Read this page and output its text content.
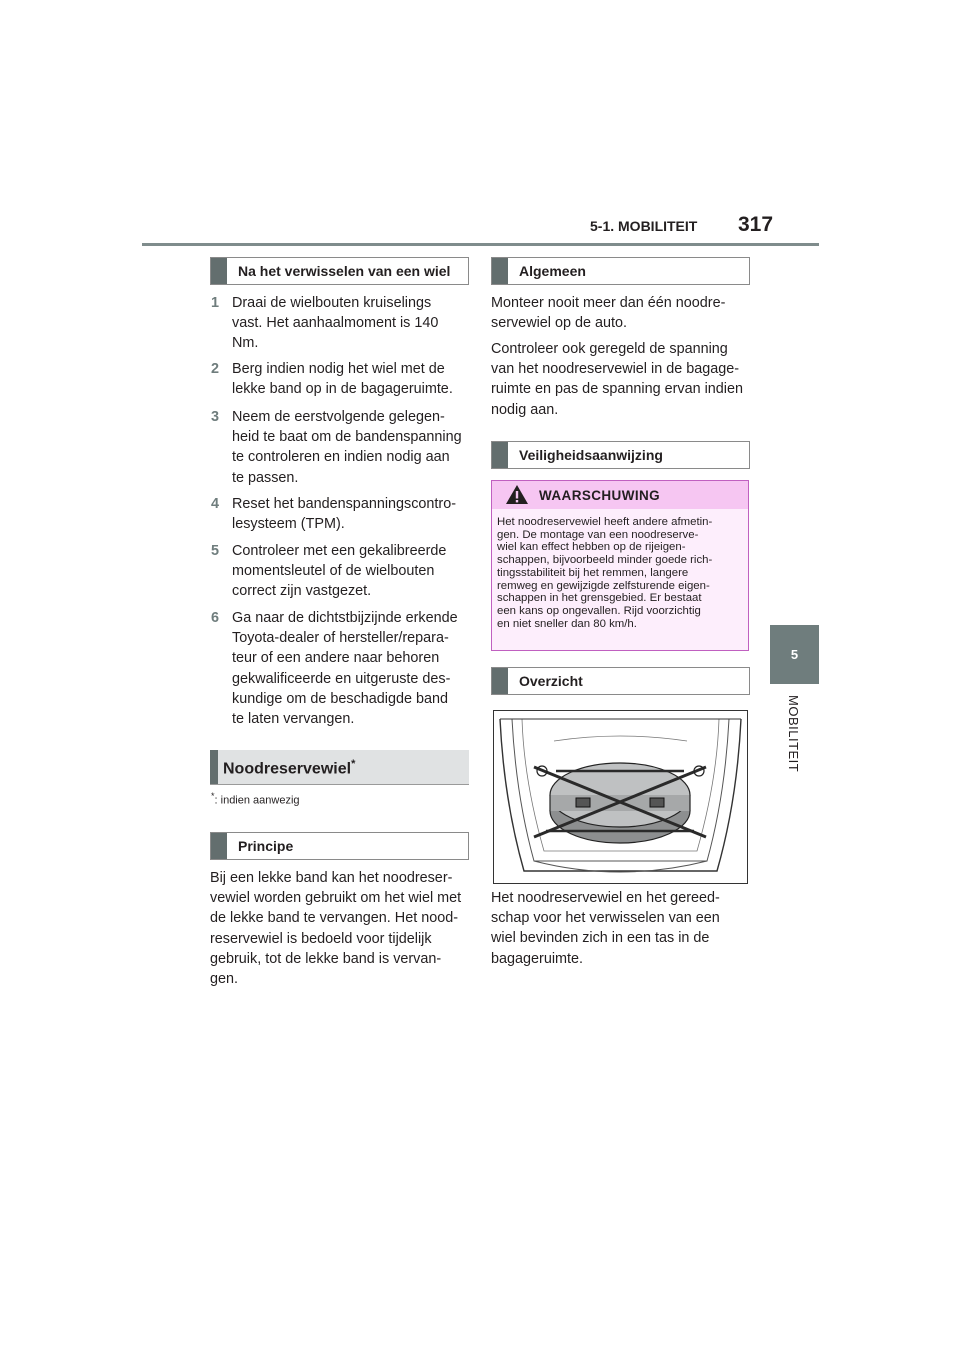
5-1. MOBILITEIT 317
5
MOBILITEIT
Na het verwisselen van een wiel
1 Draai de wielbouten kruiselings
vast. Het aanhaalmoment is 140
Nm.
2 Berg indien nodig het wiel met de
lekke band op in de bagageruimte.
3 Neem de eerstvolgende gelegen-
heid te baat om de bandenspanning
te controleren en indien nodig aan
te passen.
4 Reset het bandenspanningscontro-
lesysteem (TPM).
5 Controleer met een gekalibreerde
momentsleutel of de wielbouten
correct zijn vastgezet.
6 Ga naar de dichtstbijzijnde erkende
Toyota-dealer of hersteller/repara-
teur of een andere naar behoren
gekwalificeerde en uitgeruste des-
kundige om de beschadigde band
te laten vervangen.
Noodreservewiel*
*: indien aanwezig
Principe
Bij een lekke band kan het noodreser-
vewiel worden gebruikt om het wiel met
de lekke band te vervangen. Het nood-
reservewiel is bedoeld voor tijdelijk
gebruik, tot de lekke band is vervan-
gen.
Algemeen
Monteer nooit meer dan één noodre-
servewiel op de auto.
Controleer ook geregeld de spanning
van het noodreservewiel in de bagage-
ruimte en pas de spanning ervan indien
nodig aan.
Veiligheidsaanwijzing
WAARSCHUWING
Het noodreservewiel heeft andere afmetin-
gen. De montage van een noodreserve-
wiel kan effect hebben op de rijeigen-
schappen, bijvoorbeeld minder goede rich-
tingsstabiliteit bij het remmen, langere
remweg en gewijzigde zelfsturende eigen-
schappen in het grensgebied. Er bestaat
een kans op ongevallen. Rijd voorzichtig
en niet sneller dan 80 km/h.
Overzicht
Het noodreservewiel en het gereed-
schap voor het verwisselen van een
wiel bevinden zich in een tas in de
bagageruimte.
